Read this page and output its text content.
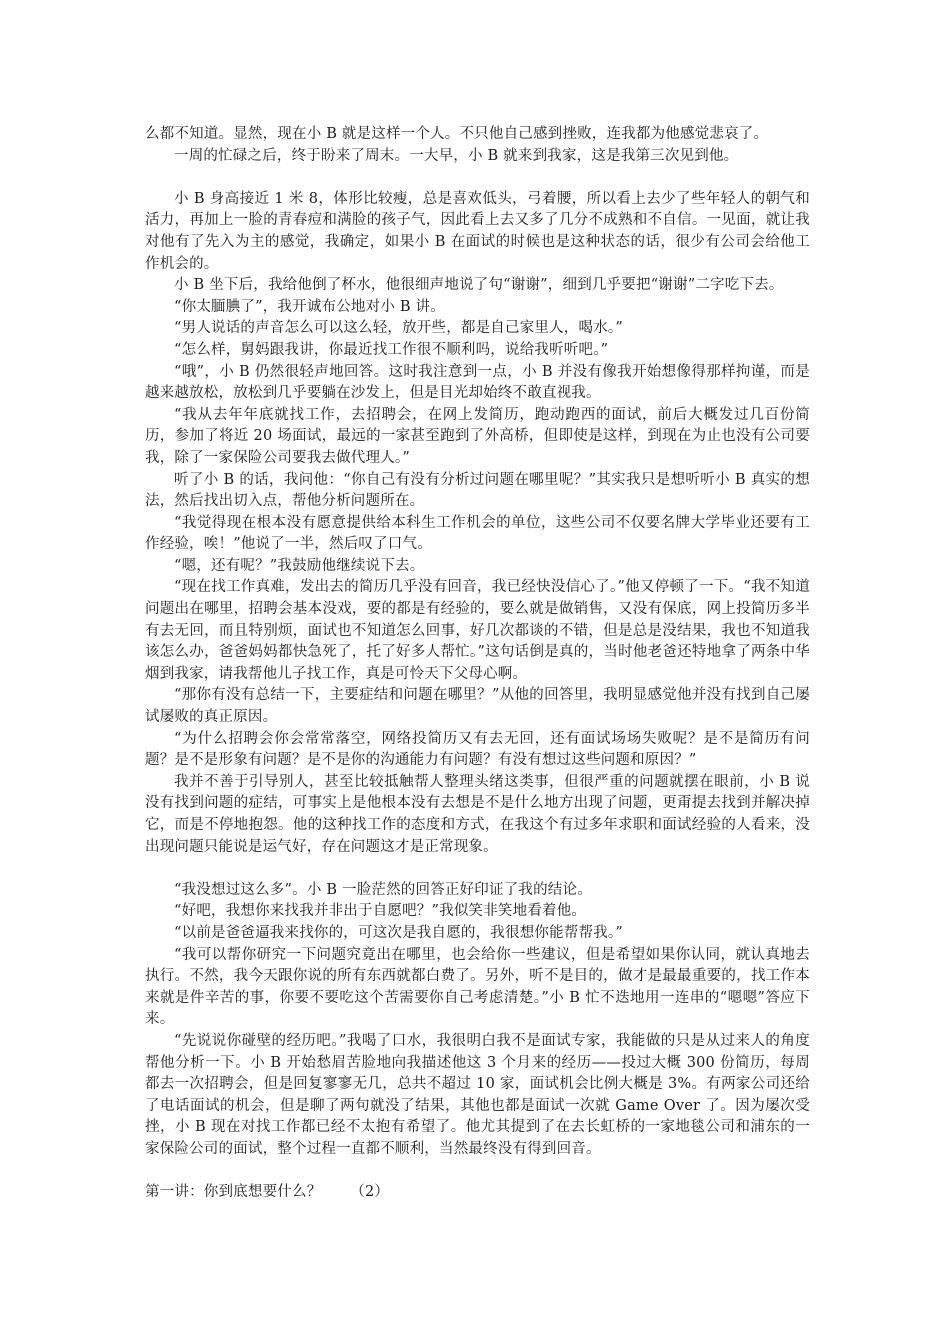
么都不知道。显然，现在小 B 就是这样一个人。不只他自己感到挫败，连我都为他感觉悲哀了。

一周的忙碌之后，终于盼来了周末。一大早，小 B 就来到我家，这是我第三次见到他。

小 B 身高接近 1 米 8，体形比较瘦，总是喜欢低头，弓着腰，所以看上去少了些年轻人的朝气和活力，再加上一脸的青春痘和满脸的孩子气，因此看上去又多了几分不成熟和不自信。一见面，就让我对他有了先入为主的感觉，我确定，如果小 B 在面试的时候也是这种状态的话，很少有公司会给他工作机会的。

小 B 坐下后，我给他倒了杯水，他很细声地说了句“谢谢”，细到几乎要把“谢谢”二字吃下去。

“你太腼腆了”，我开诚布公地对小 B 讲。

“男人说话的声音怎么可以这么轻，放开些，都是自己家里人，喝水。”

“怎么样，舅妈跟我讲，你最近找工作很不顺利吗，说给我听听吧。”

“哦”，小 B 仍然很轻声地回答。这时我注意到一点，小 B 并没有像我开始想像得那样拘谨，而是越来越放松，放松到几乎要躺在沙发上，但是目光却始终不敢直视我。

“我从去年年底就找工作，去招聘会，在网上发简历，跑动跑西的面试，前后大概发过几百份简历，参加了将近 20 场面试，最远的一家甚至跑到了外高桥，但即使是这样，到现在为止也没有公司要我，除了一家保险公司要我去做代理人。”

听了小 B 的话，我问他：“你自己有没有分析过问题在哪里呢？”其实我只是想听听小 B 真实的想法，然后找出切入点，帮他分析问题所在。

“我觉得现在根本没有愿意提供给本科生工作机会的单位，这些公司不仅要名牌大学毕业还要有工作经验，唉！”他说了一半，然后叹了口气。

“嗯，还有呢？”我鼓励他继续说下去。

“现在找工作真难，发出去的简历几乎没有回音，我已经快没信心了。”他又停顿了一下。“我不知道问题出在哪里，招聘会基本没戏，要的都是有经验的，要么就是做销售，又没有保底，网上投简历多半有去无回，而且特别烦，面试也不知道怎么回事，好几次都谈的不错，但是总是没结果，我也不知道我该怎么办，爸爸妈妈都快急死了，托了好多人帮忙。”这句话倒是真的，当时他老爸还特地拿了两条中华烟到我家，请我帮他儿子找工作，真是可怜天下父母心啊。

“那你有没有总结一下，主要症结和问题在哪里？”从他的回答里，我明显感觉他并没有找到自己屡试屡败的真正原因。

“为什么招聘会你会常常落空，网络投简历又有去无回，还有面试场场失败呢？是不是简历有问题？是不是形象有问题？是不是你的沟通能力有问题？有没有想过这些问题和原因？”

我并不善于引导别人，甚至比较抵触帮人整理头绪这类事，但很严重的问题就摆在眼前，小 B 说没有找到问题的症结，可事实上是他根本没有去想是不是什么地方出现了问题，更甭提去找到并解决掉它，而是不停地抱怨。他的这种找工作的态度和方式，在我这个有过多年求职和面试经验的人看来，没出现问题只能说是运气好，存在问题这才是正常现象。

“我没想过这么多”。小 B 一脸茫然的回答正好印证了我的结论。

“好吧，我想你来找我并非出于自愿吧？”我似笑非笑地看着他。

“以前是爸爸逼我来找你的，可这次是我自愿的，我很想你能帮帮我。”

“我可以帮你研究一下问题究竟出在哪里，也会给你一些建议，但是希望如果你认同，就认真地去执行。不然，我今天跟你说的所有东西就都白费了。另外，听不是目的，做才是最最重要的，找工作本来就是件辛苦的事，你要不要吃这个苦需要你自己考虑清楚。”小 B 忙不迭地用一连串的“嗯嗯”答应下来。

“先说说你碰壁的经历吧。”我喝了口水，我很明白我不是面试专家，我能做的只是从过来人的角度帮他分析一下。小 B 开始愁眉苦脸地向我描述他这 3 个月来的经历——投过大概 300 份简历，每周都去一次招聘会，但是回复寥寥无几，总共不超过 10 家，面试机会比例大概是 3%。有两家公司还给了电话面试的机会，但是聊了两句就没了结果，其他也都是面试一次就 Game Over 了。因为屡次受挫，小 B 现在对找工作都已经不太抱有希望了。他尤其提到了在去长虹桥的一家地毯公司和浦东的一家保险公司的面试，整个过程一直都不顺利，当然最终没有得到回音。

第一讲：你到底想要什么？      （2）
